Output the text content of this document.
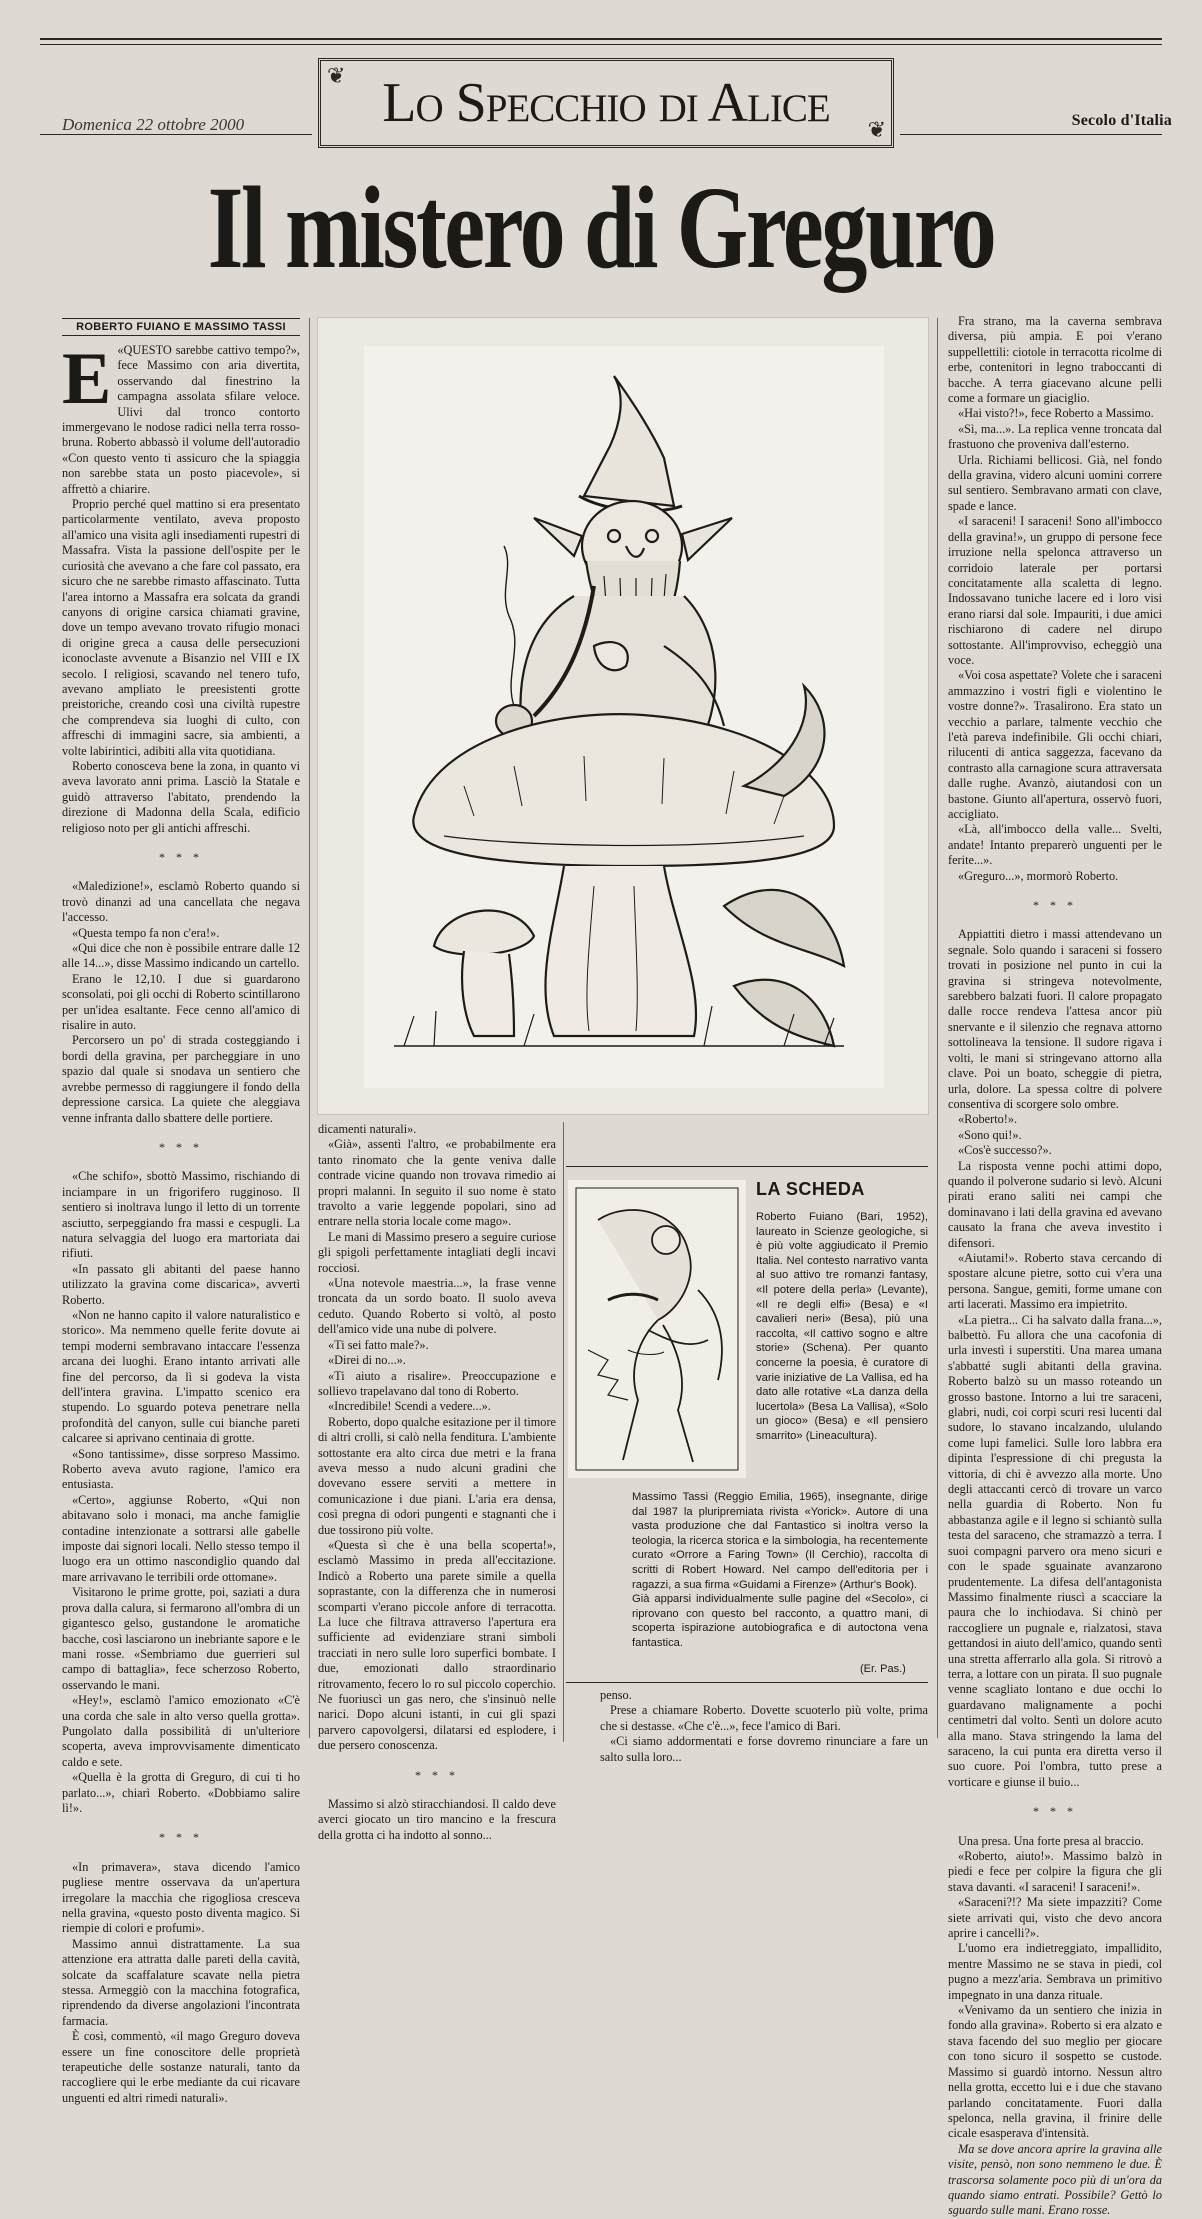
Domenica 22 ottobre 2000	Lo Specchio di Alice
❦
❦	Secolo d'Italia
Il mistero di Greguro
ROBERTO FUIANO E MASSIMO TASSI

E «QUESTO sarebbe cattivo tempo?», fece Massimo con aria divertita, osservando dal finestrino la campagna assolata sfilare veloce. Ulivi dal tronco contorto immergevano le nodose radici nella terra rosso-bruna. Roberto abbassò il volume dell'autoradio «Con questo vento ti assicuro che la spiaggia non sarebbe stata un posto piacevole», si affrettò a chiarire.

Proprio perché quel mattino si era presentato particolarmente ventilato, aveva proposto all'amico una visita agli insediamenti rupestri di Massafra. Vista la passione dell'ospite per le curiosità che avevano a che fare col passato, era sicuro che ne sarebbe rimasto affascinato. Tutta l'area intorno a Massafra era solcata da grandi canyons di origine carsica chiamati gravine, dove un tempo avevano trovato rifugio monaci di origine greca a causa delle persecuzioni iconoclaste avvenute a Bisanzio nel VIII e IX secolo. I religiosi, scavando nel tenero tufo, avevano ampliato le preesistenti grotte preistoriche, creando così una civiltà rupestre che comprendeva sia luoghi di culto, con affreschi di immagini sacre, sia ambienti, a volte labirintici, adibiti alla vita quotidiana.

Roberto conosceva bene la zona, in quanto vi aveva lavorato anni prima. Lasciò la Statale e guidò attraverso l'abitato, prendendo la direzione di Madonna della Scala, edificio religioso noto per gli antichi affreschi.

* * *

«Maledizione!», esclamò Roberto quando si trovò dinanzi ad una cancellata che negava l'accesso.

«Questa tempo fa non c'era!».

«Qui dice che non è possibile entrare dalle 12 alle 14...», disse Massimo indicando un cartello.

Erano le 12,10. I due si guardarono sconsolati, poi gli occhi di Roberto scintillarono per un'idea esaltante. Fece cenno all'amico di risalire in auto.

Percorsero un po' di strada costeggiando i bordi della gravina, per parcheggiare in uno spazio dal quale si snodava un sentiero che avrebbe permesso di raggiungere il fondo della depressione carsica. La quiete che aleggiava venne infranta dallo sbattere delle portiere.

* * *

«Che schifo», sbottò Massimo, rischiando di inciampare in un frigorifero rugginoso. Il sentiero si inoltrava lungo il letto di un torrente asciutto, serpeggiando fra massi e cespugli. La natura selvaggia del luogo era martoriata dai rifiuti.

«In passato gli abitanti del paese hanno utilizzato la gravina come discarica», avvertì Roberto.

«Non ne hanno capito il valore naturalistico e storico». Ma nemmeno quelle ferite dovute ai tempi moderni sembravano intaccare l'essenza arcana dei luoghi. Erano intanto arrivati alle fine del percorso, da lì si godeva la vista dell'intera gravina. L'impatto scenico era stupendo. Lo sguardo poteva penetrare nella profondità del canyon, sulle cui bianche pareti calcaree si aprivano centinaia di grotte.

«Sono tantissime», disse sorpreso Massimo. Roberto aveva avuto ragione, l'amico era entusiasta.

«Certo», aggiunse Roberto, «Qui non abitavano solo i monaci, ma anche famiglie contadine intenzionate a sottrarsi alle gabelle imposte dai signori locali. Nello stesso tempo il luogo era un ottimo nascondiglio quando dal mare arrivavano le terribili orde ottomane».

Visitarono le prime grotte, poi, saziati a dura prova dalla calura, si fermarono all'ombra di un gigantesco gelso, gustandone le aromatiche bacche, così lasciarono un inebriante sapore e le mani rosse. «Sembriamo due guerrieri sul campo di battaglia», fece scherzoso Roberto, osservando le mani.

«Hey!», esclamò l'amico emozionato «C'è una corda che sale in alto verso quella grotta». Pungolato dalla possibilità di un'ulteriore scoperta, aveva improvvisamente dimenticato caldo e sete.

«Quella è la grotta di Greguro, di cui ti ho parlato...», chiarì Roberto. «Dobbiamo salire lì!».

* * *

«In primavera», stava dicendo l'amico pugliese mentre osservava da un'apertura irregolare la macchia che rigogliosa cresceva nella gravina, «questo posto diventa magico. Si riempie di colori e profumi».

Massimo annuì distrattamente. La sua attenzione era attratta dalle pareti della cavità, solcate da scaffalature scavate nella pietra stessa. Armeggiò con la macchina fotografica, riprendendo da diverse angolazioni l'incontrata farmacia.

È così, commentò, «il mago Greguro doveva essere un fine conoscitore delle proprietà terapeutiche delle sostanze naturali, tanto da raccogliere qui le erbe mediante da cui ricavare unguenti ed altri rimedi naturali».

dicamenti naturali».

«Già», assentì l'altro, «e probabilmente era tanto rinomato che la gente veniva dalle contrade vicine quando non trovava rimedio ai propri malanni. In seguito il suo nome è stato travolto a varie leggende popolari, sino ad entrare nella storia locale come mago».

Le mani di Massimo presero a seguire curiose gli spigoli perfettamente intagliati degli incavi rocciosi.

«Una notevole maestria...», la frase venne troncata da un sordo boato. Il suolo aveva ceduto. Quando Roberto si voltò, al posto dell'amico vide una nube di polvere.

«Ti sei fatto male?».

«Direi di no...».

«Ti aiuto a risalire». Preoccupazione e sollievo trapelavano dal tono di Roberto.

«Incredibile! Scendi a vedere...».

Roberto, dopo qualche esitazione per il timore di altri crolli, si calò nella fenditura. L'ambiente sottostante era alto circa due metri e la frana aveva messo a nudo alcuni gradini che dovevano essere serviti a mettere in comunicazione i due piani. L'aria era densa, così pregna di odori pungenti e stagnanti che i due tossirono più volte.

«Questa sì che è una bella scoperta!», esclamò Massimo in preda all'eccitazione. Indicò a Roberto una parete simile a quella soprastante, con la differenza che in numerosi scomparti v'erano piccole anfore di terracotta. La luce che filtrava attraverso l'apertura era sufficiente ad evidenziare strani simboli tracciati in nero sulle loro superfici bombate. I due, emozionati dallo straordinario ritrovamento, fecero lo ro sul piccolo coperchio. Ne fuoriuscì un gas nero, che s'insinuò nelle narici. Dopo alcuni istanti, in cui gli spazi parvero capovolgersi, dilatarsi ed esplodere, i due persero conoscenza.

* * *

Massimo si alzò stiracchiandosi. Il caldo deve averci giocato un tiro mancino e la frescura della grotta ci ha indotto al sonno...

LA SCHEDA

Roberto Fuiano (Bari, 1952), laureato in Scienze geologiche, si è più volte aggiudicato il Premio Italia. Nel contesto narrativo vanta al suo attivo tre romanzi fantasy, «Il potere della perla» (Levante), «Il re degli elfi» (Besa) e «I cavalieri neri» (Besa), più una raccolta, «Il cattivo sogno e altre storie» (Schena). Per quanto concerne la poesia, è curatore di varie iniziative de La Vallisa, ed ha dato alle rotative «La danza della lucertola» (Besa La Vallisa), «Solo un gioco» (Besa) e «Il pensiero smarrito» (Lineacultura).

Massimo Tassi (Reggio Emilia, 1965), insegnante, dirige dal 1987 la pluripremiata rivista «Yorick». Autore di una vasta produzione che dal Fantastico si inoltra verso la teologia, la ricerca storica e la simbologia, ha recentemente curato «Orrore a Faring Town» (Il Cerchio), raccolta di scritti di Robert Howard. Nel campo dell'editoria per i ragazzi, a sua firma «Guidami a Firenze» (Arthur's Book).

Già apparsi individualmente sulle pagine del «Secolo», ci riprovano con questo bel racconto, a quattro mani, di scoperta ispirazione autobiografica e di autoctona vena fantastica.

(Er. Pas.)

penso.

Prese a chiamare Roberto. Dovette scuoterlo più volte, prima che si destasse. «Che c'è...», fece l'amico di Bari.

«Ci siamo addormentati e forse dovremo rinunciare a fare un salto sulla loro...

Fra strano, ma la caverna sembrava diversa, più ampia. E poi v'erano suppellettili: ciotole in terracotta ricolme di erbe, contenitori in legno traboccanti di bacche. A terra giacevano alcune pelli come a formare un giaciglio.

«Hai visto?!», fece Roberto a Massimo.

«Sì, ma...». La replica venne troncata dal frastuono che proveniva dall'esterno.

Urla. Richiami bellicosi. Già, nel fondo della gravina, videro alcuni uomini correre sul sentiero. Sembravano armati con clave, spade e lance.

«I saraceni! I saraceni! Sono all'imbocco della gravina!», un gruppo di persone fece irruzione nella spelonca attraverso un corridoio laterale per portarsi concitatamente alla scaletta di legno. Indossavano tuniche lacere ed i loro visi erano riarsi dal sole. Impauriti, i due amici rischiarono di cadere nel dirupo sottostante. All'improvviso, echeggiò una voce.

«Voi cosa aspettate? Volete che i saraceni ammazzino i vostri figli e violentino le vostre donne?». Trasalirono. Era stato un vecchio a parlare, talmente vecchio che l'età pareva indefinibile. Gli occhi chiari, rilucenti di antica saggezza, facevano da contrasto alla carnagione scura attraversata dalle rughe. Avanzò, aiutandosi con un bastone. Giunto all'apertura, osservò fuori, accigliato.

«Là, all'imbocco della valle... Svelti, andate! Intanto preparerò unguenti per le ferite...».

«Greguro...», mormorò Roberto.

* * *

Appiattiti dietro i massi attendevano un segnale. Solo quando i saraceni si fossero trovati in posizione nel punto in cui la gravina si stringeva notevolmente, sarebbero balzati fuori. Il calore propagato dalle rocce rendeva l'attesa ancor più snervante e il silenzio che regnava attorno sottolineava la tensione. Il sudore rigava i volti, le mani si stringevano attorno alla clave. Poi un boato, scheggie di pietra, urla, dolore. La spessa coltre di polvere consentiva di scorgere solo ombre.

«Roberto!».

«Sono qui!».

«Cos'è successo?».

La risposta venne pochi attimi dopo, quando il polverone sudario si levò. Alcuni pirati erano saliti nei campi che dominavano i lati della gravina ed avevano causato la frana che aveva investito i difensori.

«Aiutami!». Roberto stava cercando di spostare alcune pietre, sotto cui v'era una persona. Sangue, gemiti, forme umane con arti lacerati. Massimo era impietrito.

«La pietra... Ci ha salvato dalla frana...», balbettò. Fu allora che una cacofonia di urla investì i superstiti. Una marea umana s'abbatté sugli abitanti della gravina. Roberto balzò su un masso roteando un grosso bastone. Intorno a lui tre saraceni, glabri, nudi, coi corpi scuri resi lucenti dal sudore, lo stavano incalzando, ululando come lupi famelici. Sulle loro labbra era dipinta l'espressione di chi pregusta la vittoria, di chi è avvezzo alla morte. Uno degli attaccanti cercò di trovare un varco nella guardia di Roberto. Non fu abbastanza agile e il legno si schiantò sulla testa del saraceno, che stramazzò a terra. I suoi compagni parvero ora meno sicuri e con le spade sguainate avanzarono prudentemente. La difesa dell'antagonista Massimo finalmente riuscì a scacciare la paura che lo inchiodava. Si chinò per raccogliere un pugnale e, rialzatosi, stava gettandosi in aiuto dell'amico, quando sentì una stretta afferrarlo alla gola. Si ritrovò a terra, a lottare con un pirata. Il suo pugnale venne scagliato lontano e due occhi lo guardavano malignamente a pochi centimetri dal volto. Sentì un dolore acuto alla mano. Stava stringendo la lama del saraceno, la cui punta era diretta verso il suo cuore. Poi l'ombra, tutto prese a vorticare e giunse il buio...

* * *

Una presa. Una forte presa al braccio.

«Roberto, aiuto!». Massimo balzò in piedi e fece per colpire la figura che gli stava davanti. «I saraceni! I saraceni!».

«Saraceni?!? Ma siete impazziti? Come siete arrivati qui, visto che devo ancora aprire i cancelli?».

L'uomo era indietreggiato, impallidito, mentre Massimo ne se stava in piedi, col pugno a mezz'aria. Sembrava un primitivo impegnato in una danza rituale.

«Venivamo da un sentiero che inizia in fondo alla gravina». Roberto si era alzato e stava facendo del suo meglio per giocare con tono sicuro il sospetto se custode. Massimo si guardò intorno. Nessun altro nella grotta, eccetto lui e i due che stavano parlando concitatamente. Fuori dalla spelonca, nella gravina, il frinire delle cicale esasperava d'intensità.

Ma se dove ancora aprire la gravina alle visite, pensò, non sono nemmeno le due. È trascorsa solamente poco più di un'ora da quando siamo entrati. Possibile? Gettò lo sguardo sulle mani. Erano rosse.
